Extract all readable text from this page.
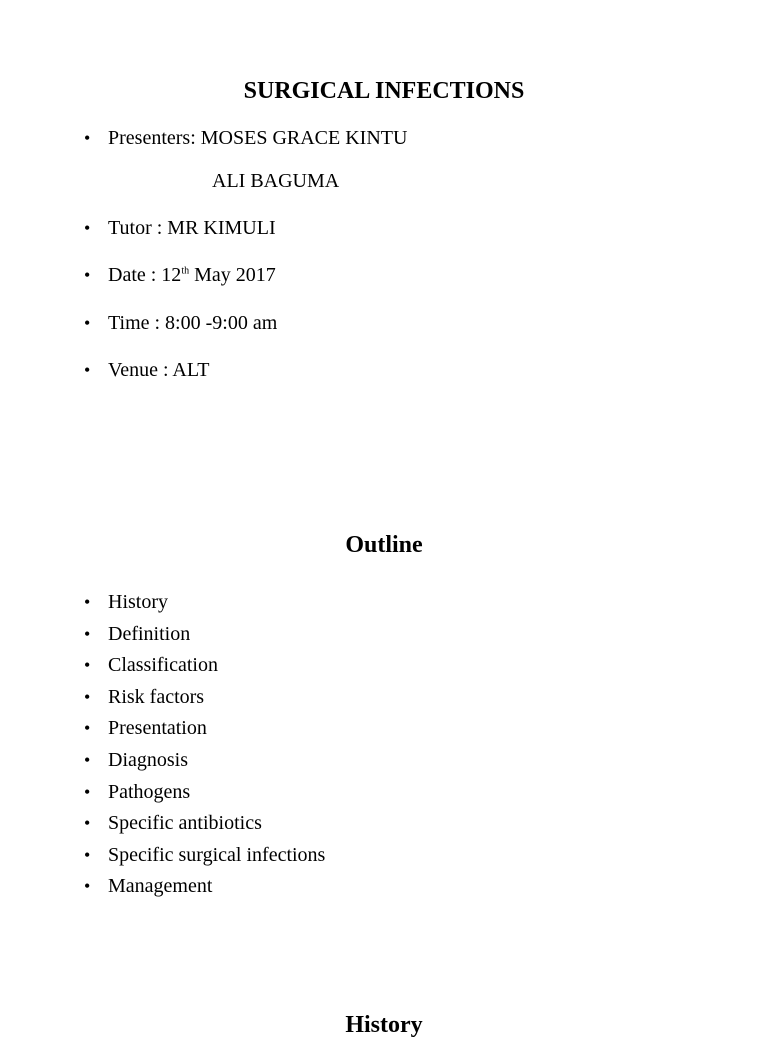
SURGICAL INFECTIONS
• Presenters: MOSES GRACE KINTU
ALI BAGUMA
• Tutor : MR KIMULI
• Date : 12th May 2017
• Time : 8:00 -9:00 am
• Venue : ALT
Outline
• History
• Definition
• Classification
• Risk factors
• Presentation
• Diagnosis
• Pathogens
• Specific antibiotics
• Specific surgical infections
• Management
History
